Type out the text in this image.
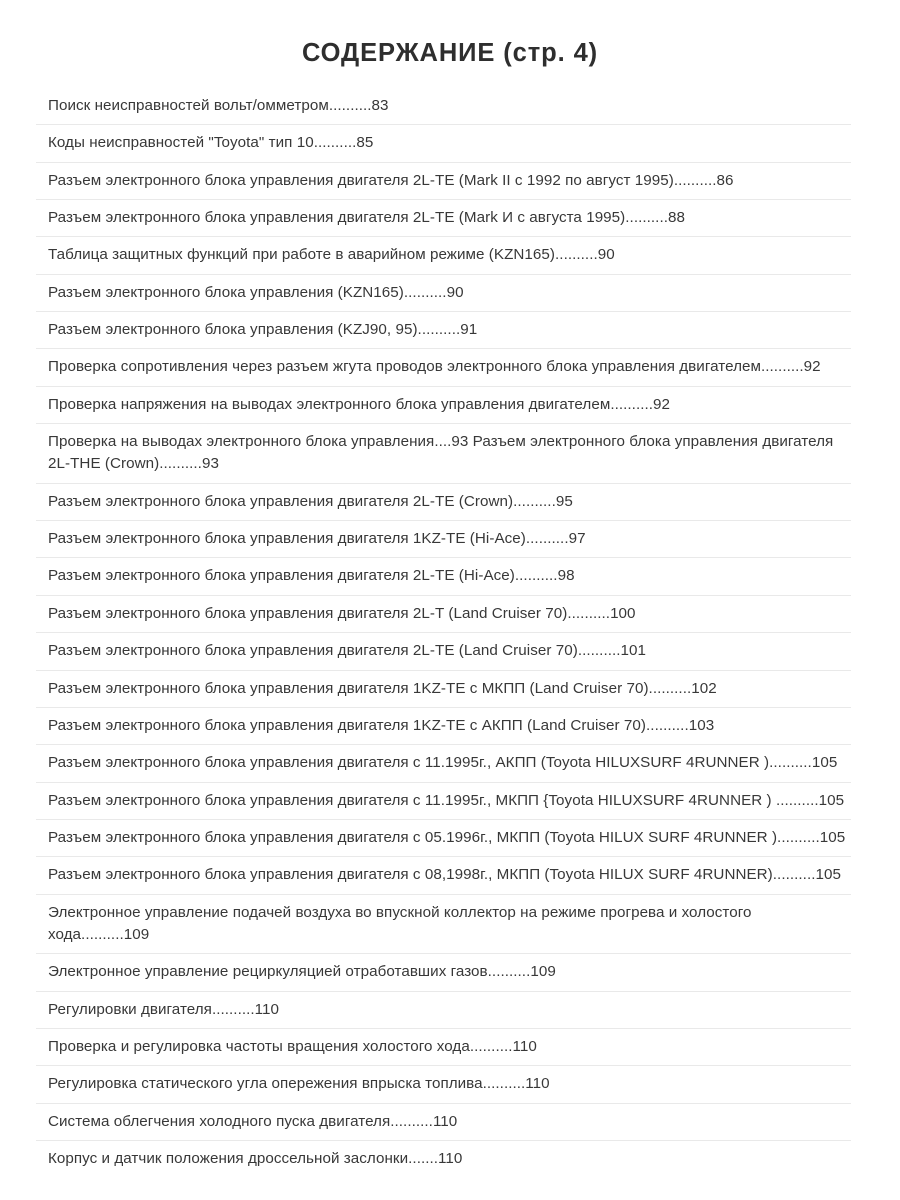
СОДЕРЖАНИЕ (стр. 4)
Поиск неисправностей вольт/омметром..........83
Коды неисправностей "Toyota" тип 10..........85
Разъем электронного блока управления двигателя 2L-TE (Mark II с 1992 по август 1995)..........86
Разъем электронного блока управления двигателя 2L-TE (Mark И с августа 1995)..........88
Таблица защитных функций при работе в аварийном режиме (KZN165)..........90
Разъем электронного блока управления (KZN165)..........90
Разъем электронного блока управления (KZJ90, 95)..........91
Проверка сопротивления через разъем жгута проводов электронного блока управления двигателем..........92
Проверка напряжения на выводах электронного блока управления двигателем..........92
Проверка на выводах электронного блока управления....93 Разъем электронного блока управления двигателя 2L-THE (Crown)..........93
Разъем электронного блока управления двигателя 2L-TE (Crown)..........95
Разъем электронного блока управления двигателя 1KZ-TE (Hi-Ace)..........97
Разъем электронного блока управления двигателя 2L-TE (Hi-Ace)..........98
Разъем электронного блока управления двигателя 2L-T (Land Cruiser 70)..........100
Разъем электронного блока управления двигателя 2L-TE (Land Cruiser 70)..........101
Разъем электронного блока управления двигателя 1KZ-TE с МКПП (Land Cruiser 70)..........102
Разъем электронного блока управления двигателя 1KZ-TE с АКПП (Land Cruiser 70)..........103
Разъем электронного блока управления двигателя с 11.1995г., АКПП (Toyota HILUXSURF 4RUNNER )..........105
Разъем электронного блока управления двигателя с 11.1995г., МКПП {Toyota HILUXSURF 4RUNNER ) ..........105
Разъем электронного блока управления двигателя с 05.1996г., МКПП (Toyota HILUX SURF 4RUNNER )..........105
Разъем электронного блока управления двигателя с 08,1998г., МКПП (Toyota HILUX SURF 4RUNNER)..........105
Электронное управление подачей воздуха во впускной коллектор на режиме прогрева и холостого хода..........109
Электронное управление рециркуляцией отработавших газов..........109
Регулировки двигателя..........110
Проверка и регулировка частоты вращения холостого хода..........110
Регулировка статического угла опережения впрыска топлива..........110
Система облегчения холодного пуска двигателя..........110
Корпус и датчик положения дроссельной заслонки.......110
